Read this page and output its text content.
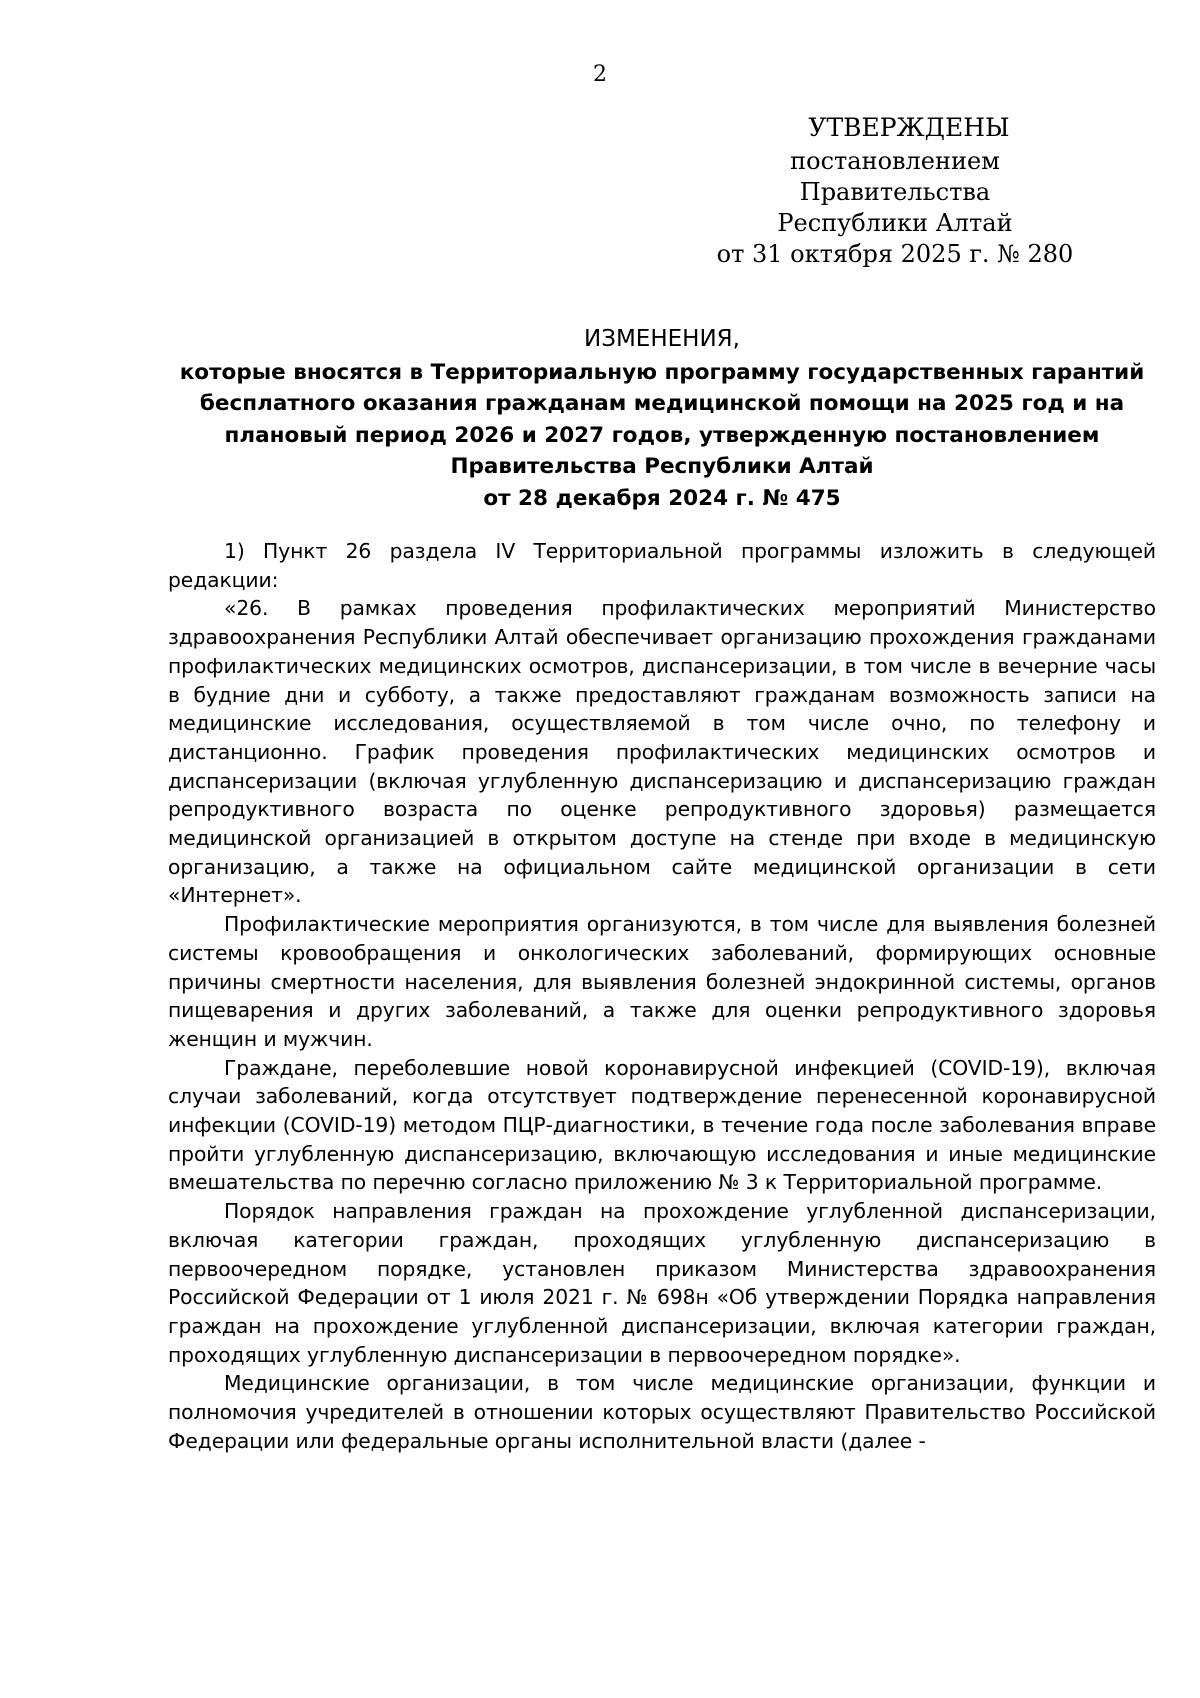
2
УТВЕРЖДЕНЫ
постановлением Правительства
Республики Алтай
от 31 октября 2025 г. № 280
ИЗМЕНЕНИЯ,
которые вносятся в Территориальную программу государственных гарантий бесплатного оказания гражданам медицинской помощи на 2025 год и на плановый период 2026 и 2027 годов, утвержденную постановлением Правительства Республики Алтай
от 28 декабря 2024 г. № 475

1) Пункт 26 раздела IV Территориальной программы изложить в следующей редакции:

«26. В рамках проведения профилактических мероприятий Министерство здравоохранения Республики Алтай обеспечивает организацию прохождения гражданами профилактических медицинских осмотров, диспансеризации, в том числе в вечерние часы в будние дни и субботу, а также предоставляют гражданам возможность записи на медицинские исследования, осуществляемой в том числе очно, по телефону и дистанционно. График проведения профилактических медицинских осмотров и диспансеризации (включая углубленную диспансеризацию и диспансеризацию граждан репродуктивного возраста по оценке репродуктивного здоровья) размещается медицинской организацией в открытом доступе на стенде при входе в медицинскую организацию, а также на официальном сайте медицинской организации в сети «Интернет».

Профилактические мероприятия организуются, в том числе для выявления болезней системы кровообращения и онкологических заболеваний, формирующих основные причины смертности населения, для выявления болезней эндокринной системы, органов пищеварения и других заболеваний, а также для оценки репродуктивного здоровья женщин и мужчин.

Граждане, переболевшие новой коронавирусной инфекцией (COVID-19), включая случаи заболеваний, когда отсутствует подтверждение перенесенной коронавирусной инфекции (COVID-19) методом ПЦР-диагностики, в течение года после заболевания вправе пройти углубленную диспансеризацию, включающую исследования и иные медицинские вмешательства по перечню согласно приложению № 3 к Территориальной программе.

Порядок направления граждан на прохождение углубленной диспансеризации, включая категории граждан, проходящих углубленную диспансеризацию в первоочередном порядке, установлен приказом Министерства здравоохранения Российской Федерации от 1 июля 2021 г. № 698н «Об утверждении Порядка направления граждан на прохождение углубленной диспансеризации, включая категории граждан, проходящих углубленную диспансеризации в первоочередном порядке».

Медицинские организации, в том числе медицинские организации, функции и полномочия учредителей в отношении которых осуществляют Правительство Российской Федерации или федеральные органы исполнительной власти (далее -
